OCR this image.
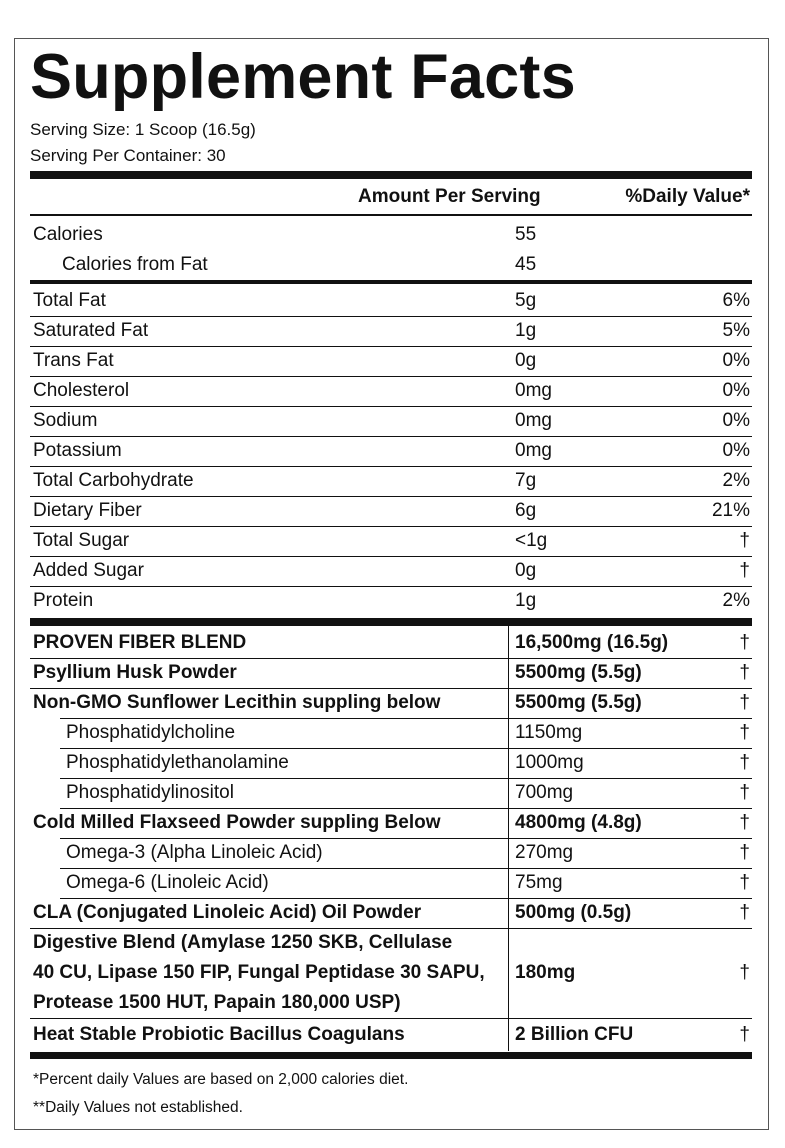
Supplement Facts
Serving Size: 1 Scoop (16.5g)
Serving Per Container: 30
Amount Per Serving	%Daily Value*
Calories	55
Calories from Fat	45
Total Fat	5g	6%
Saturated Fat	1g	5%
Trans Fat	0g	0%
Cholesterol	0mg	0%
Sodium	0mg	0%
Potassium	0mg	0%
Total Carbohydrate	7g	2%
Dietary Fiber	6g	21%
Total Sugar	<1g	†
Added Sugar	0g	†
Protein	1g	2%
PROVEN FIBER BLEND	16,500mg (16.5g)	†
Psyllium Husk Powder	5500mg (5.5g)	†
Non-GMO Sunflower Lecithin suppling below	5500mg (5.5g)	†
Phosphatidylcholine	1150mg	†
Phosphatidylethanolamine	1000mg	†
Phosphatidylinositol	700mg	†
Cold Milled Flaxseed Powder suppling Below	4800mg (4.8g)	†
Omega-3 (Alpha Linoleic Acid)	270mg	†
Omega-6 (Linoleic Acid)	75mg	†
CLA (Conjugated Linoleic Acid) Oil Powder	500mg (0.5g)	†
Digestive Blend (Amylase 1250 SKB, Cellulase
40 CU, Lipase 150 FIP, Fungal Peptidase 30 SAPU,
Protease 1500 HUT, Papain 180,000 USP)
180mg	†
Heat Stable Probiotic Bacillus Coagulans	2 Billion CFU	†
*Percent daily Values are based on 2,000 calories diet.
**Daily Values not established.
